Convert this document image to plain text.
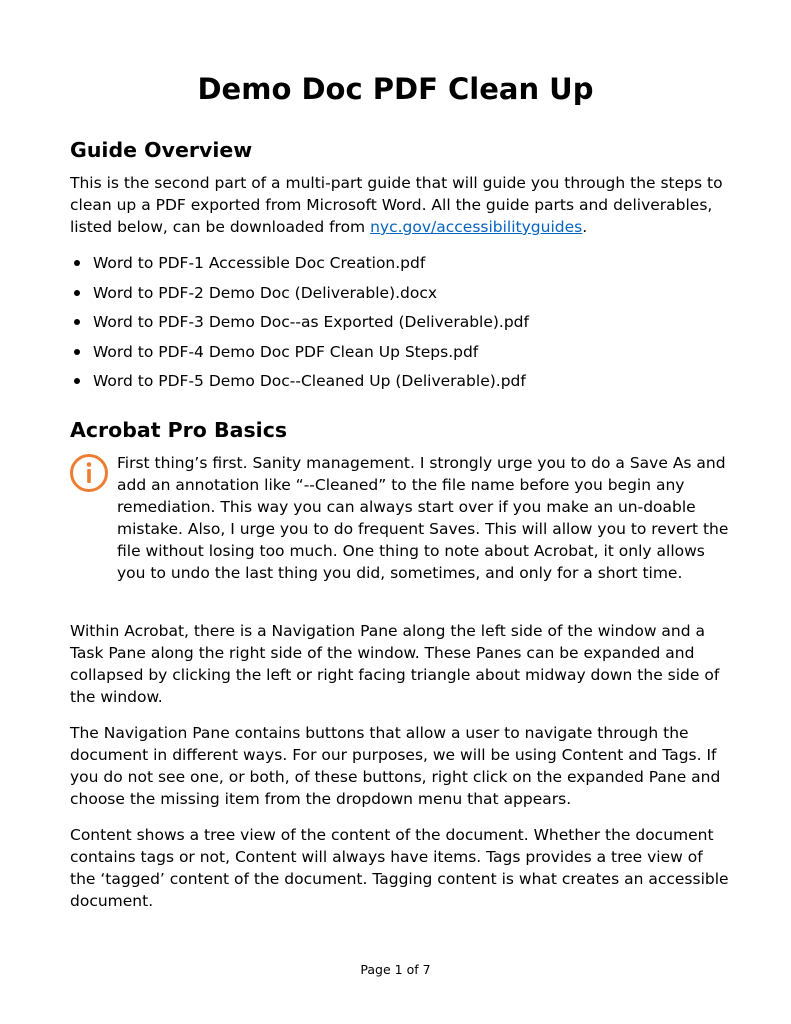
Demo Doc PDF Clean Up
Guide Overview

This is the second part of a multi-part guide that will guide you through the steps to clean up a PDF exported from Microsoft Word. All the guide parts and deliverables, listed below, can be downloaded from nyc.gov/accessibilityguides.

Word to PDF-1 Accessible Doc Creation.pdf
Word to PDF-2 Demo Doc (Deliverable).docx
Word to PDF-3 Demo Doc--as Exported (Deliverable).pdf
Word to PDF-4 Demo Doc PDF Clean Up Steps.pdf
Word to PDF-5 Demo Doc--Cleaned Up (Deliverable).pdf
Acrobat Pro Basics

First thing’s first. Sanity management. I strongly urge you to do a Save As and add an annotation like “--Cleaned” to the file name before you begin any remediation. This way you can always start over if you make an un-doable mistake. Also, I urge you to do frequent Saves. This will allow you to revert the file without losing too much. One thing to note about Acrobat, it only allows you to undo the last thing you did, sometimes, and only for a short time.

Within Acrobat, there is a Navigation Pane along the left side of the window and a Task Pane along the right side of the window. These Panes can be expanded and collapsed by clicking the left or right facing triangle about midway down the side of the window.

The Navigation Pane contains buttons that allow a user to navigate through the document in different ways. For our purposes, we will be using Content and Tags. If you do not see one, or both, of these buttons, right click on the expanded Pane and choose the missing item from the dropdown menu that appears.

Content shows a tree view of the content of the document. Whether the document contains tags or not, Content will always have items. Tags provides a tree view of the ‘tagged’ content of the document. Tagging content is what creates an accessible document.

Page 1 of 7
